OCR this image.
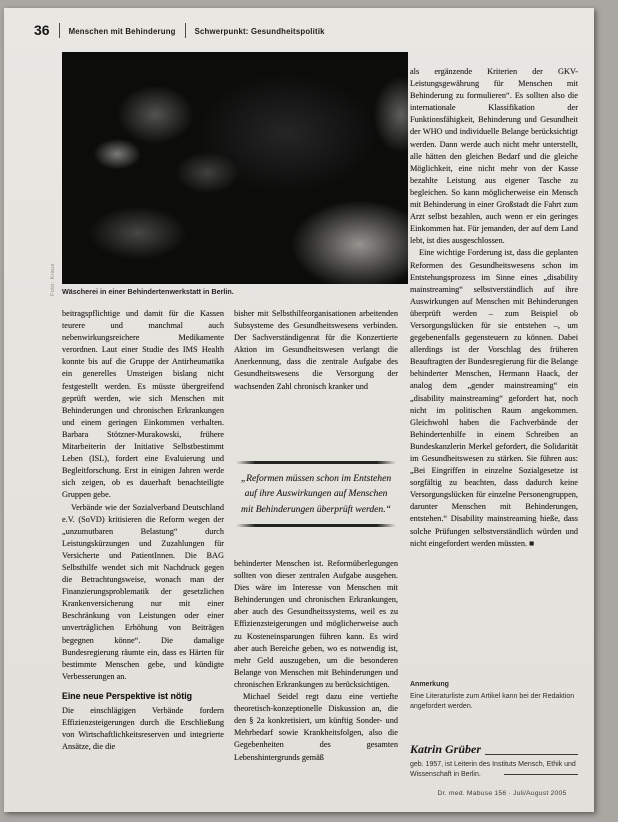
36 Menschen mit Behinderung Schwerpunkt: Gesundheitspolitik
Foto: Kraus Wäscherei in einer Behindertenwerkstatt in Berlin.

beitragspflichtige und damit für die Kassen teurere und manchmal auch nebenwirkungsreichere Medikamente verordnen. Laut einer Studie des IMS Health konnte bis auf die Gruppe der Antirheumatika ein generelles Umsteigen bislang nicht festgestellt werden. Es müsste übergreifend geprüft werden, wie sich Menschen mit Behinderungen und chronischen Erkrankungen und einem geringen Einkommen verhalten. Barbara Stötzner-Murakowski, frühere Mitarbeiterin der Initiative Selbstbestimmt Leben (ISL), fordert eine Evaluierung und Begleitforschung. Erst in einigen Jahren werde sich zeigen, ob es dauerhaft benachteiligte Gruppen gebe.

Verbände wie der Sozialverband Deutschland e.V. (SoVD) kritisieren die Reform wegen der „unzumutbaren Belastung“ durch Leistungskürzungen und Zuzahlungen für Versicherte und PatientInnen. Die BAG Selbsthilfe wendet sich mit Nachdruck gegen die Betrachtungsweise, wonach man der Finanzierungsproblematik der gesetzlichen Krankenversicherung nur mit einer Beschränkung von Leistungen oder einer unverträglichen Erhöhung von Beiträgen begegnen könne“. Die damalige Bundesregierung räumte ein, dass es Härten für bestimmte Menschen gebe, und kündigte Verbesserungen an.

Eine neue Perspektive ist nötig

Die einschlägigen Verbände fordern Effizienzsteigerungen durch die Erschließung von Wirtschaftlichkeitsreserven und integrierte Ansätze, die die

bisher mit Selbsthilfeorganisationen arbeitenden Subsysteme des Gesundheitswesens verbinden. Der Sachverständigenrat für die Konzertierte Aktion im Gesundheitswesen verlangt die Anerkennung, dass die zentrale Aufgabe des Gesundheitswesens die Versorgung der wachsenden Zahl chronisch kranker und

„Reformen müssen schon im Entstehen auf ihre Auswirkungen auf Menschen mit Behinderungen überprüft werden.“

behinderter Menschen ist. Reformüberlegungen sollten von dieser zentralen Aufgabe ausgehen. Dies wäre im Interesse von Menschen mit Behinderungen und chronischen Erkrankungen, aber auch des Gesundheitssystems, weil es zu Effizienzsteigerungen und möglicherweise auch zu Kosteneinsparungen führen kann. Es wird aber auch Bereiche geben, wo es notwendig ist, mehr Geld auszugeben, um die besonderen Belange von Menschen mit Behinderungen und chronischen Erkrankungen zu berücksichtigen.

Michael Seidel regt dazu eine vertiefte theoretisch-konzeptionelle Diskussion an, die den § 2a konkretisiert, um künftig Sonder- und Mehrbedarf sowie Krankheitsfolgen, also die Gegebenheiten des gesamten Lebenshintergrunds gemäß

als ergänzende Kriterien der GKV-Leistungsgewährung für Menschen mit Behinderung zu formulieren“. Es sollten also die internationale Klassifikation der Funktionsfähigkeit, Behinderung und Gesundheit der WHO und individuelle Belange berücksichtigt werden. Dann werde auch nicht mehr unterstellt, alle hätten den gleichen Bedarf und die gleiche Möglichkeit, eine nicht mehr von der Kasse bezahlte Leistung aus eigener Tasche zu begleichen. So kann möglicherweise ein Mensch mit Behinderung in einer Großstadt die Fahrt zum Arzt selbst bezahlen, auch wenn er ein geringes Einkommen hat. Für jemanden, der auf dem Land lebt, ist dies ausgeschlossen.

Eine wichtige Forderung ist, dass die geplanten Reformen des Gesundheitswesens schon im Entstehungsprozess im Sinne eines „disability mainstreaming“ selbstverständlich auf ihre Auswirkungen auf Menschen mit Behinderungen überprüft werden – zum Beispiel ob Versorgungslücken für sie entstehen –, um gegebenenfalls gegensteuern zu können. Dabei allerdings ist der Vorschlag des früheren Beauftragten der Bundesregierung für die Belange behinderter Menschen, Hermann Haack, der analog dem „gender mainstreaming“ ein „disability mainstreaming“ gefordert hat, noch nicht im politischen Raum angekommen. Gleichwohl haben die Fachverbände der Behindertenhilfe in einem Schreiben an Bundeskanzlerin Merkel gefordert, die Solidarität im Gesundheitswesen zu stärken. Sie führen aus: „Bei Eingriffen in einzelne Sozialgesetze ist sorgfältig zu beachten, dass dadurch keine Versorgungslücken für einzelne Personengruppen, darunter Menschen mit Behinderungen, entstehen.“ Disability mainstreaming hieße, dass solche Prüfungen selbstverständlich würden und nicht eingefordert werden müssten. ■

Anmerkung
Eine Literaturliste zum Artikel kann bei der Redaktion angefordert werden.
Katrin Grüber
geb. 1957, ist Leiterin des Instituts Mensch, Ethik und Wissenschaft in Berlin.
Dr. med. Mabuse 156 · Juli/August 2005
